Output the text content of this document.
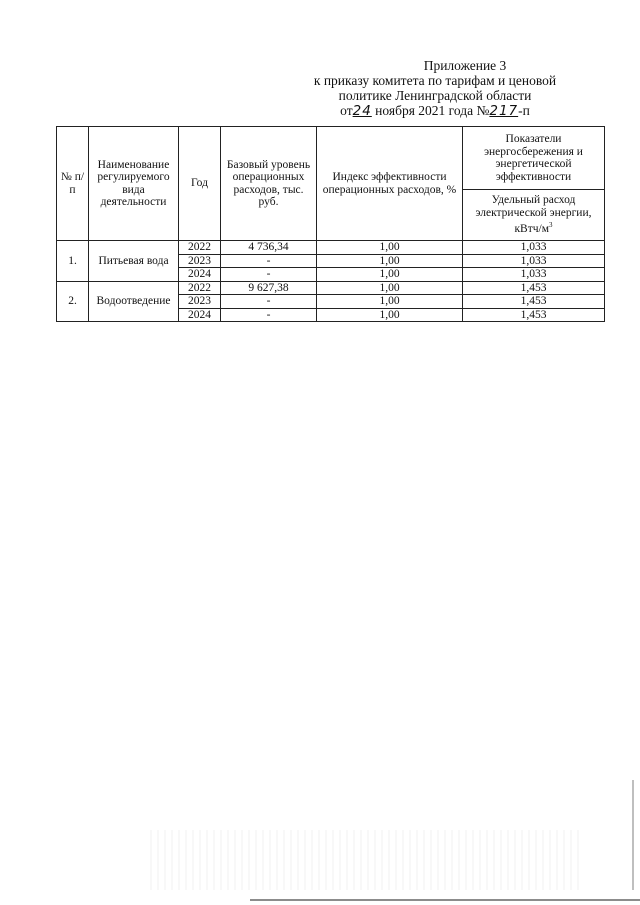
Приложение 3
к приказу комитета по тарифам и ценовой
политике Ленинградской области
от24 ноября 2021 года №217-п
№ п/п	Наименование регулируемого вида деятельности	Год	Базовый уровень операционных расходов, тыс. руб.	Индекс эффективности операционных расходов, %	Показатели энергосбережения и энергетической эффективности
					Удельный расход электрической энергии, кВтч/$м^3$
1.	Питьевая вода	2022	4 736,34	1,00	1,033
		2023	-	1,00	1,033
		2024	-	1,00	1,033
2.	Водоотведение	2022	9 627,38	1,00	1,453
		2023	-	1,00	1,453
		2024	-	1,00	1,453
